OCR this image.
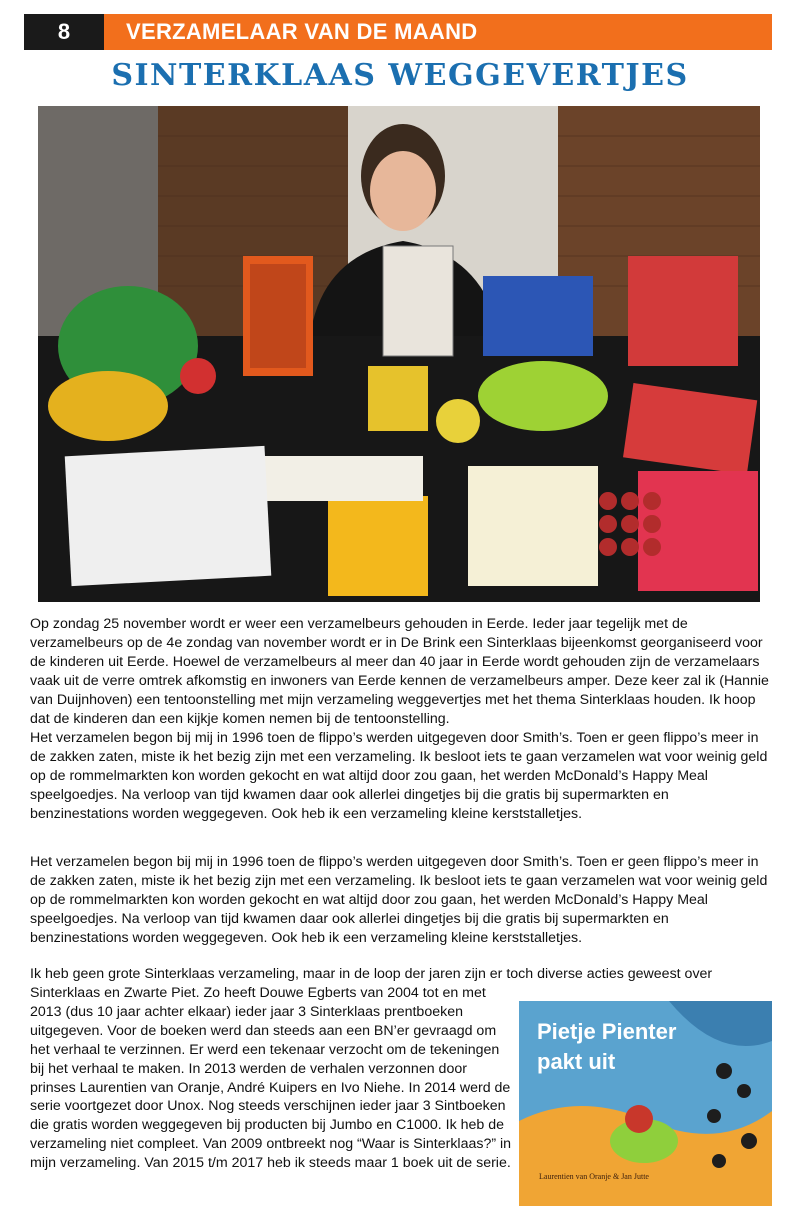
8	VERZAMELAAR VAN DE MAAND
SINTERKLAAS WEGGEVERTJES
Op zondag 25 november wordt er weer een verzamelbeurs gehouden in Eerde. Ieder jaar tegelijk met de verzamelbeurs op de 4e zondag van november wordt er in De Brink een Sinterklaas bijeenkomst georganiseerd voor de kinderen uit Eerde. Hoewel de verzamelbeurs al meer dan 40 jaar in Eerde wordt gehouden zijn de verzamelaars vaak uit de verre omtrek afkomstig en inwoners van Eerde kennen de verzamelbeurs amper. Deze keer zal ik (Hannie van Duijnhoven) een tentoonstelling met mijn verzameling weggevertjes met het thema Sinterklaas houden. Ik hoop dat de kinderen dan een kijkje komen nemen bij de tentoonstelling.
Het verzamelen begon bij mij in 1996 toen de flippo’s werden uitgegeven door Smith’s. Toen er geen flippo’s meer in de zakken zaten, miste ik het bezig zijn met een verzameling. Ik besloot iets te gaan verzamelen wat voor weinig geld op de rommelmarkten kon worden gekocht en wat altijd door zou gaan, het werden McDonald’s Happy Meal speelgoedjes. Na verloop van tijd kwamen daar ook allerlei dingetjes bij die gratis bij supermarkten en benzinestations worden weggegeven. Ook heb ik een verzameling kleine kerststalletjes.
Het verzamelen begon bij mij in 1996 toen de flippo’s werden uitgegeven door Smith’s. Toen er geen flippo’s meer in de zakken zaten, miste ik het bezig zijn met een verzameling. Ik besloot iets te gaan verzamelen wat voor weinig geld op de rommelmarkten kon worden gekocht en wat altijd door zou gaan, het werden McDonald’s Happy Meal speelgoedjes. Na verloop van tijd kwamen daar ook allerlei dingetjes bij die gratis bij supermarkten en benzinestations worden weggegeven. Ook heb ik een verzameling kleine kerststalletjes.
Ik heb geen grote Sinterklaas verzameling, maar in de loop der jaren zijn er toch diverse acties geweest over
Sinterklaas en Zwarte Piet. Zo heeft Douwe Egberts van 2004 tot en met 2013 (dus 10 jaar achter elkaar) ieder jaar 3 Sinterklaas prentboeken uitgegeven. Voor de boeken werd dan steeds aan een BN’er gevraagd om het verhaal te verzinnen. Er werd een tekenaar verzocht om de tekeningen bij het verhaal te maken. In 2013 werden de verhalen verzonnen door prinses Laurentien van Oranje, André Kuipers en Ivo Niehe. In 2014 werd de serie voortgezet door Unox. Nog steeds verschijnen ieder jaar 3 Sintboeken die gratis worden weggegeven bij producten bij Jumbo en C1000. Ik heb de verzameling niet compleet. Van 2009 ontbreekt nog “Waar is Sinterklaas?” in mijn verzameling. Van 2015 t/m 2017 heb ik steeds maar 1 boek uit de serie.
Pietje Pienter
pakt uit
Laurentien van Oranje & Jan Jutte
